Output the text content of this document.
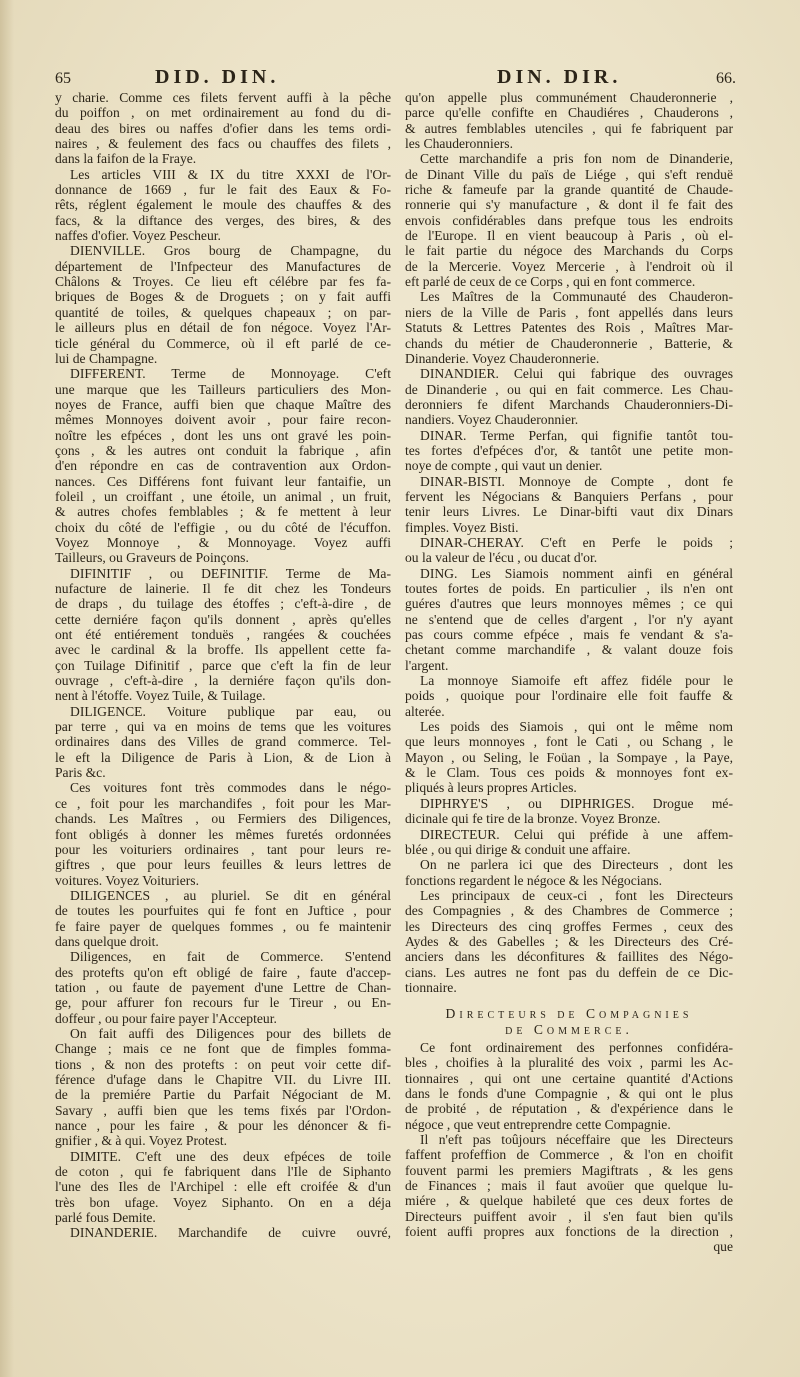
65	DID. DIN.	DIN. DIR.	66.
y charie. Comme ces filets fervent auffi à la pêche
du poiffon , on met ordinairement au fond du di-
deau des bires ou naffes d'ofier dans les tems ordi-
naires , & feulement des facs ou chauffes des filets ,
dans la faifon de la Fraye.
Les articles VIII & IX du titre XXXI de l'Or-
donnance de 1669 , fur le fait des Eaux & Fo-
rêts, réglent également le moule des chauffes & des
facs, & la diftance des verges, des bires, & des
naffes d'ofier. Voyez Pescheur.
DIENVILLE. Gros bourg de Champagne, du
département de l'Infpecteur des Manufactures de
Châlons & Troyes. Ce lieu eft célébre par fes fa-
briques de Boges & de Droguets ; on y fait auffi
quantité de toiles, & quelques chapeaux ; on par-
le ailleurs plus en détail de fon négoce. Voyez l'Ar-
ticle général du Commerce, où il eft parlé de ce-
lui de Champagne.
DIFFERENT. Terme de Monnoyage. C'eft
une marque que les Tailleurs particuliers des Mon-
noyes de France, auffi bien que chaque Maître des
mêmes Monnoyes doivent avoir , pour faire recon-
noître les efpéces , dont les uns ont gravé les poin-
çons , & les autres ont conduit la fabrique , afin
d'en répondre en cas de contravention aux Ordon-
nances. Ces Différens font fuivant leur fantaifie, un
foleil , un croiffant , une étoile, un animal , un fruit,
& autres chofes femblables ; & fe mettent à leur
choix du côté de l'effigie , ou du côté de l'écuffon.
Voyez Monnoye , & Monnoyage. Voyez auffi
Tailleurs, ou Graveurs de Poinçons.
DIFINITIF , ou DEFINITIF. Terme de Ma-
nufacture de lainerie. Il fe dit chez les Tondeurs
de draps , du tuilage des étoffes ; c'eft-à-dire , de
cette derniére façon qu'ils donnent , après qu'elles
ont été entiérement tonduës , rangées & couchées
avec le cardinal & la broffe. Ils appellent cette fa-
çon Tuilage Difinitif , parce que c'eft la fin de leur
ouvrage , c'eft-à-dire , la derniére façon qu'ils don-
nent à l'étoffe. Voyez Tuile, & Tuilage.
DILIGENCE. Voiture publique par eau, ou
par terre , qui va en moins de tems que les voitures
ordinaires dans des Villes de grand commerce. Tel-
le eft la Diligence de Paris à Lion, & de Lion à
Paris &c.
Ces voitures font très commodes dans le négo-
ce , foit pour les marchandifes , foit pour les Mar-
chands. Les Maîtres , ou Fermiers des Diligences,
font obligés à donner les mêmes furetés ordonnées
pour les voituriers ordinaires , tant pour leurs re-
giftres , que pour leurs feuilles & leurs lettres de
voitures. Voyez Voituriers.
DILIGENCES , au pluriel. Se dit en général
de toutes les pourfuites qui fe font en Juftice , pour
fe faire payer de quelques fommes , ou fe maintenir
dans quelque droit.
Diligences, en fait de Commerce. S'entend
des protefts qu'on eft obligé de faire , faute d'accep-
tation , ou faute de payement d'une Lettre de Chan-
ge, pour affurer fon recours fur le Tireur , ou En-
doffeur , ou pour faire payer l'Accepteur.
On fait auffi des Diligences pour des billets de
Change ; mais ce ne font que de fimples fomma-
tions , & non des protefts : on peut voir cette dif-
férence d'ufage dans le Chapitre VII. du Livre III.
de la premiére Partie du Parfait Négociant de M.
Savary , auffi bien que les tems fixés par l'Ordon-
nance , pour les faire , & pour les dénoncer & fi-
gnifier , & à qui. Voyez Protest.
DIMITE. C'eft une des deux efpéces de toile
de coton , qui fe fabriquent dans l'Ile de Siphanto
l'une des Iles de l'Archipel : elle eft croifée & d'un
très bon ufage. Voyez Siphanto. On en a déja
parlé fous Demite.
DINANDERIE. Marchandife de cuivre ouvré,
qu'on appelle plus communément Chauderonnerie ,
parce qu'elle confifte en Chaudiéres , Chauderons ,
& autres femblables utenciles , qui fe fabriquent par
les Chauderonniers.
Cette marchandife a pris fon nom de Dinanderie,
de Dinant Ville du païs de Liége , qui s'eft renduë
riche & fameufe par la grande quantité de Chaude-
ronnerie qui s'y manufacture , & dont il fe fait des
envois confidérables dans prefque tous les endroits
de l'Europe. Il en vient beaucoup à Paris , où el-
le fait partie du négoce des Marchands du Corps
de la Mercerie. Voyez Mercerie , à l'endroit où il
eft parlé de ceux de ce Corps , qui en font commerce.
Les Maîtres de la Communauté des Chauderon-
niers de la Ville de Paris , font appellés dans leurs
Statuts & Lettres Patentes des Rois , Maîtres Mar-
chands du métier de Chauderonnerie , Batterie, &
Dinanderie. Voyez Chauderonnerie.
DINANDIER. Celui qui fabrique des ouvrages
de Dinanderie , ou qui en fait commerce. Les Chau-
deronniers fe difent Marchands Chauderonniers-Di-
nandiers. Voyez Chauderonnier.
DINAR. Terme Perfan, qui fignifie tantôt tou-
tes fortes d'efpéces d'or, & tantôt une petite mon-
noye de compte , qui vaut un denier.
DINAR-BISTI. Monnoye de Compte , dont fe
fervent les Négocians & Banquiers Perfans , pour
tenir leurs Livres. Le Dinar-bifti vaut dix Dinars
fimples. Voyez Bisti.
DINAR-CHERAY. C'eft en Perfe le poids ;
ou la valeur de l'écu , ou ducat d'or.
DING. Les Siamois nomment ainfi en général
toutes fortes de poids. En particulier , ils n'en ont
guéres d'autres que leurs monnoyes mêmes ; ce qui
ne s'entend que de celles d'argent , l'or n'y ayant
pas cours comme efpéce , mais fe vendant & s'a-
chetant comme marchandife , & valant douze fois
l'argent.
La monnoye Siamoife eft affez fidéle pour le
poids , quoique pour l'ordinaire elle foit fauffe &
alterée.
Les poids des Siamois , qui ont le même nom
que leurs monnoyes , font le Cati , ou Schang , le
Mayon , ou Seling, le Foüan , la Sompaye , la Paye,
& le Clam. Tous ces poids & monnoyes font ex-
pliqués à leurs propres Articles.
DIPHRYE'S , ou DIPHRIGES. Drogue mé-
dicinale qui fe tire de la bronze. Voyez Bronze.
DIRECTEUR. Celui qui préfide à une affem-
blée , ou qui dirige & conduit une affaire.
On ne parlera ici que des Directeurs , dont les
fonctions regardent le négoce & les Négocians.
Les principaux de ceux-ci , font les Directeurs
des Compagnies , & des Chambres de Commerce ;
les Directeurs des cinq groffes Fermes , ceux des
Aydes & des Gabelles ; & les Directeurs des Cré-
anciers dans les déconfitures & faillites des Négo-
cians. Les autres ne font pas du deffein de ce Dic-
tionnaire.
Directeurs de Compagnies
de Commerce.
Ce font ordinairement des perfonnes confidéra-
bles , choifies à la pluralité des voix , parmi les Ac-
tionnaires , qui ont une certaine quantité d'Actions
dans le fonds d'une Compagnie , & qui ont le plus
de probité , de réputation , & d'expérience dans le
négoce , que veut entreprendre cette Compagnie.
Il n'eft pas toûjours néceffaire que les Directeurs
faffent profeffion de Commerce , & l'on en choifit
fouvent parmi les premiers Magiftrats , & les gens
de Finances ; mais il faut avoüer que quelque lu-
miére , & quelque habileté que ces deux fortes de
Directeurs puiffent avoir , il s'en faut bien qu'ils
foient auffi propres aux fonctions de la direction ,
que
